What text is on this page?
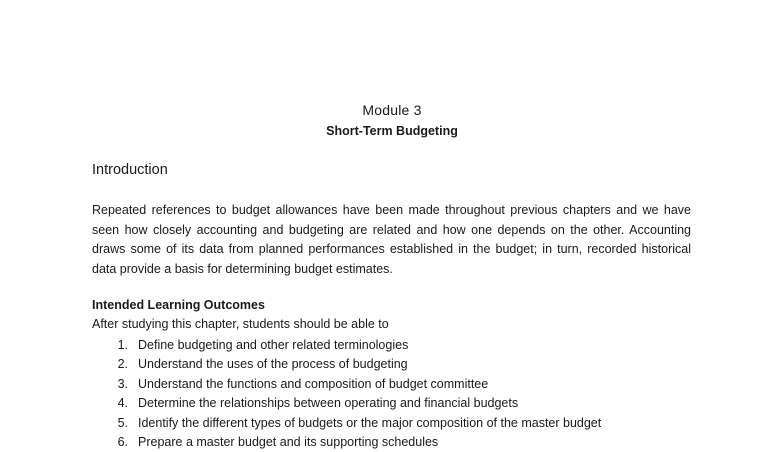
Module 3
Short-Term Budgeting
Introduction

Repeated references to budget allowances have been made throughout previous chapters and we have seen how closely accounting and budgeting are related and how one depends on the other. Accounting draws some of its data from planned performances established in the budget; in turn, recorded historical data provide a basis for determining budget estimates.

Intended Learning Outcomes
After studying this chapter, students should be able to
1. Define budgeting and other related terminologies
2. Understand the uses of the process of budgeting
3. Understand the functions and composition of budget committee
4. Determine the relationships between operating and financial budgets
5. Identify the different types of budgets or the major composition of the master budget
6. Prepare a master budget and its supporting schedules
